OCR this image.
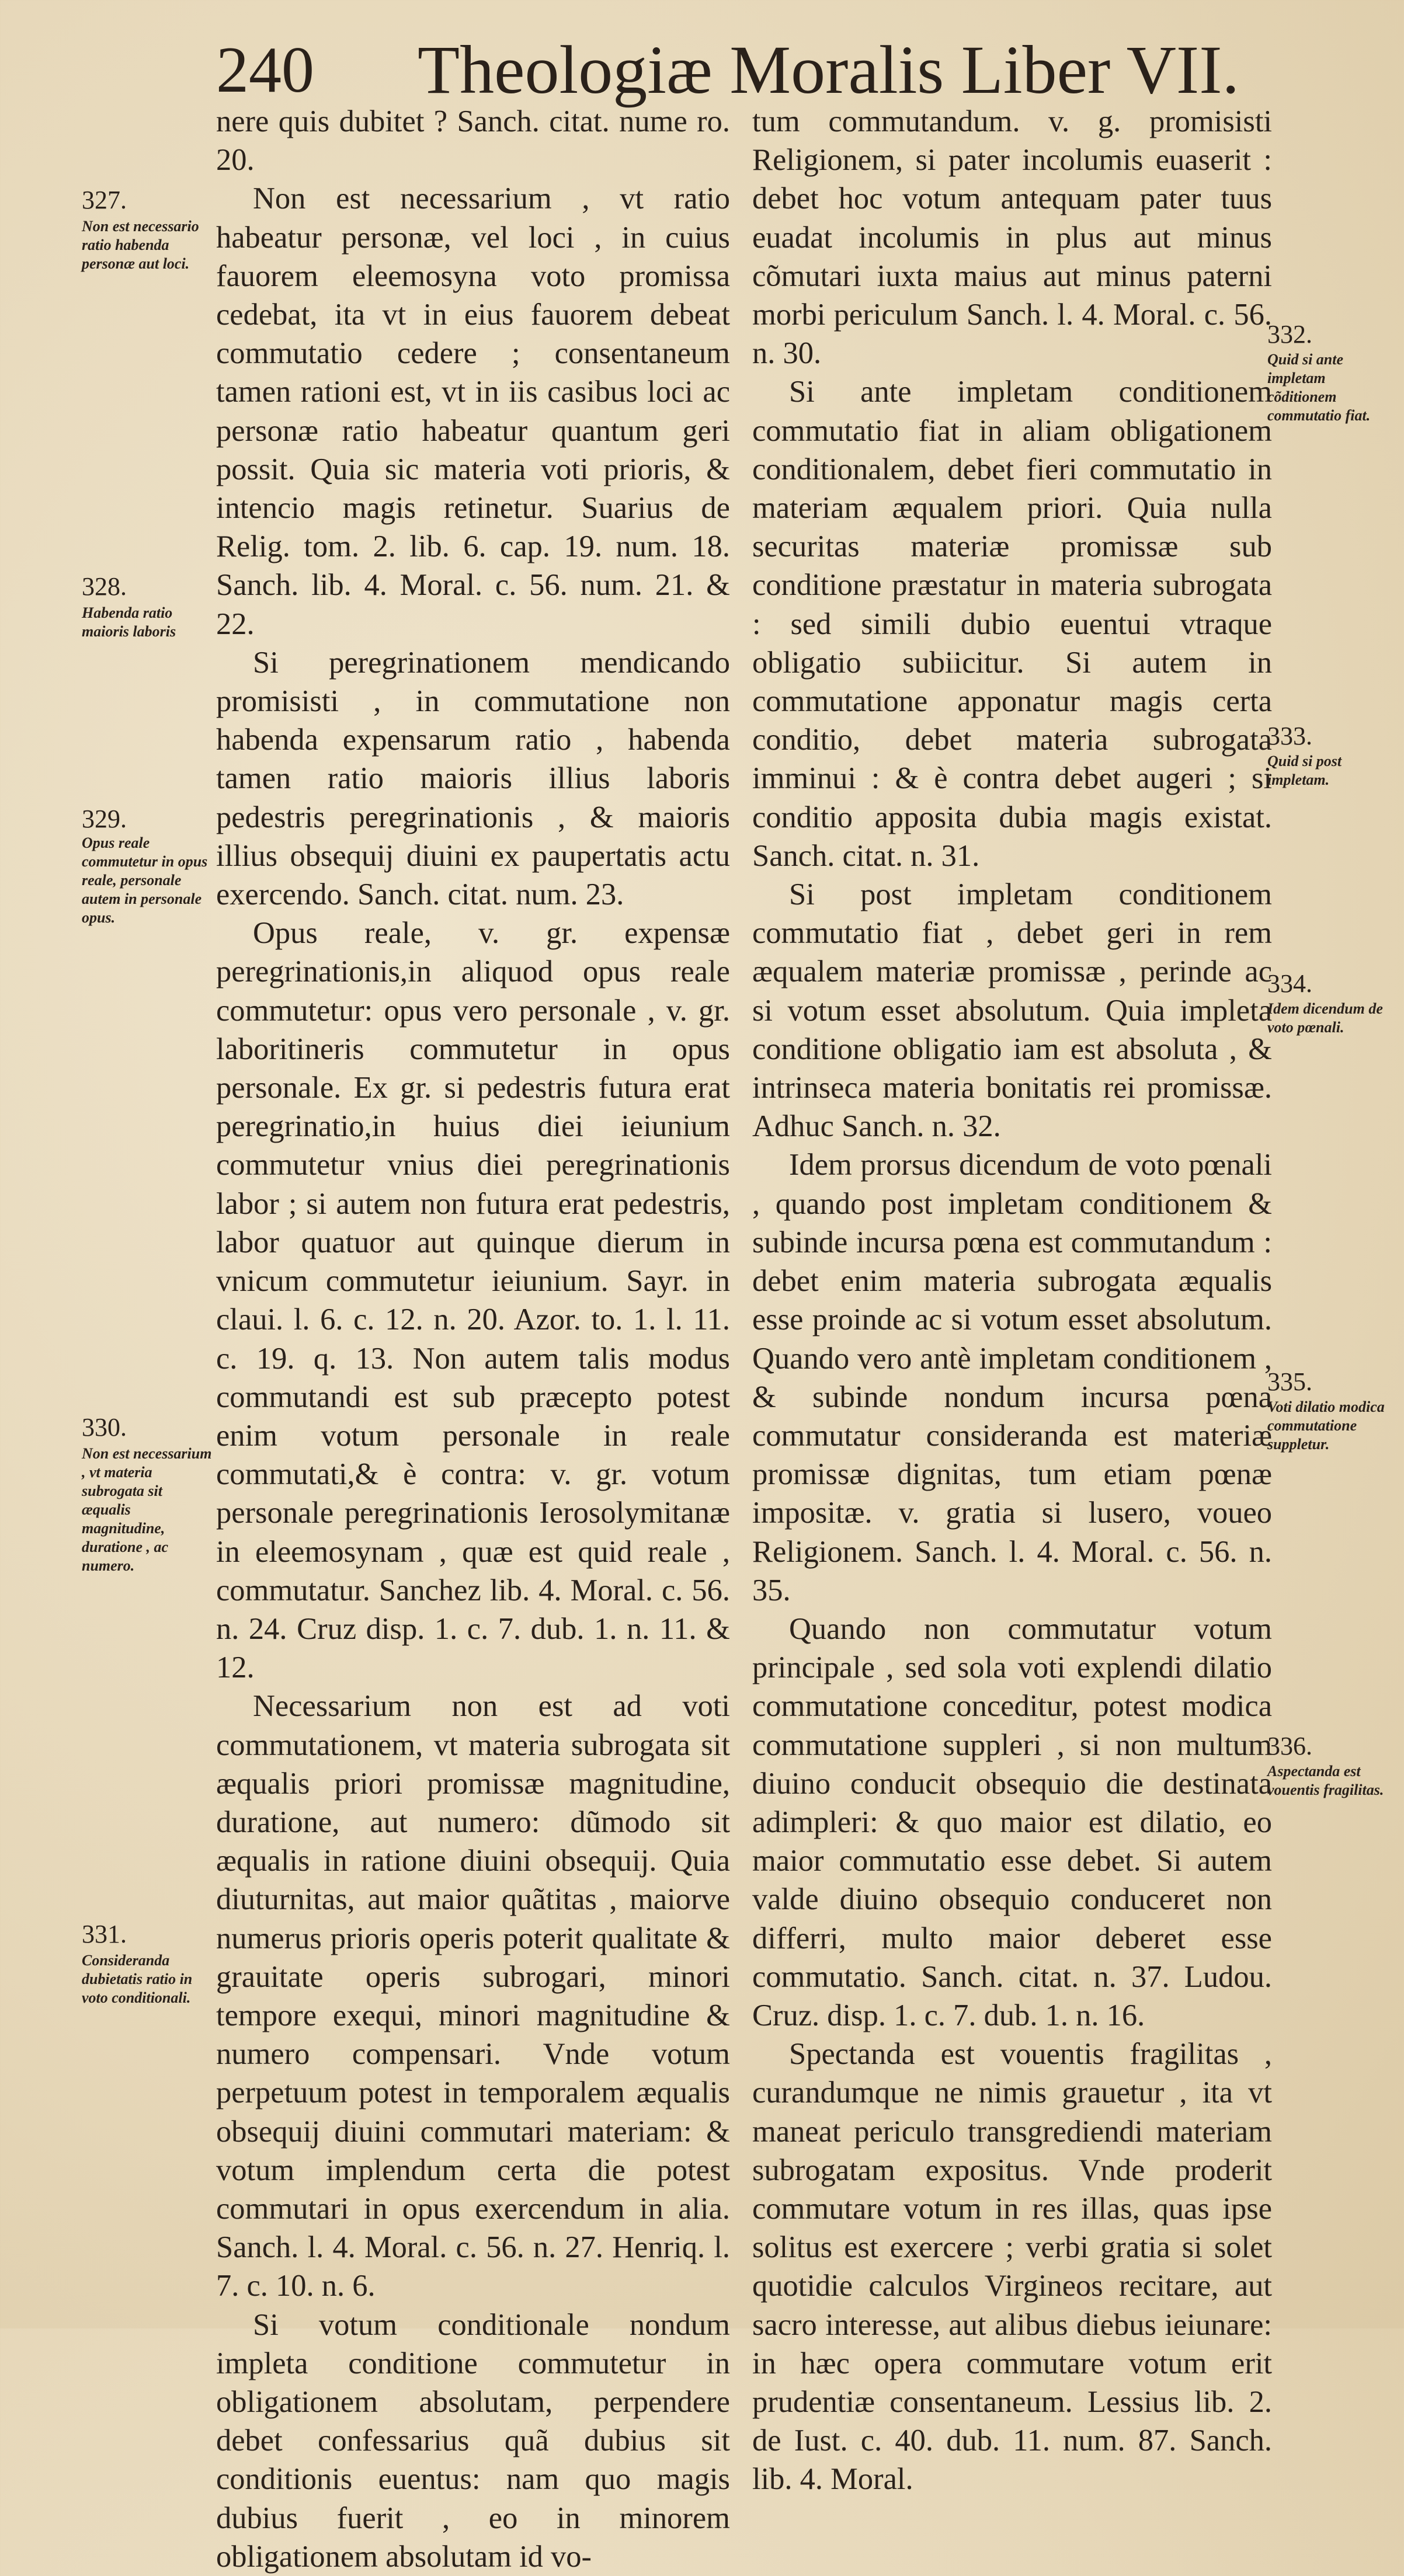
240 Theologiæ Moralis Liber VII.

nere quis dubitet ? Sanch. citat. nume ro. 20.

Non est necessarium , vt ratio habeatur personæ, vel loci , in cuius fauorem eleemosyna voto promissa cedebat, ita vt in eius fauorem debeat commutatio cedere ; consentaneum tamen rationi est, vt in iis casibus loci ac personæ ratio habeatur quantum geri possit. Quia sic materia voti prioris, & intencio magis retinetur. Suarius de Relig. tom. 2. lib. 6. cap. 19. num. 18. Sanch. lib. 4. Moral. c. 56. num. 21. & 22.

Si peregrinationem mendicando promisisti , in commutatione non habenda expensarum ratio , habenda tamen ratio maioris illius laboris pedestris peregrinationis , & maioris illius obsequij diuini ex paupertatis actu exercendo. Sanch. citat. num. 23.

Opus reale, v. gr. expensæ peregrinationis,in aliquod opus reale commutetur: opus vero personale , v. gr. laboritineris commutetur in opus personale. Ex gr. si pedestris futura erat peregrinatio,in huius diei ieiunium commutetur vnius diei peregrinationis labor ; si autem non futura erat pedestris, labor quatuor aut quinque dierum in vnicum commutetur ieiunium. Sayr. in claui. l. 6. c. 12. n. 20. Azor. to. 1. l. 11. c. 19. q. 13. Non autem talis modus commutandi est sub præcepto potest enim votum personale in reale commutati,& è contra: v. gr. votum personale peregrinationis Ierosolymitanæ in eleemosynam , quæ est quid reale , commutatur. Sanchez lib. 4. Moral. c. 56. n. 24. Cruz disp. 1. c. 7. dub. 1. n. 11. & 12.

Necessarium non est ad voti commutationem, vt materia subrogata sit æqualis priori promissæ magnitudine, duratione, aut numero: dũmodo sit æqualis in ratione diuini obsequij. Quia diuturnitas, aut maior quãtitas , maiorve numerus prioris operis poterit qualitate & grauitate operis subrogari, minori tempore exequi, minori magnitudine & numero compensari. Vnde votum perpetuum potest in temporalem æqualis obsequij diuini commutari materiam: & votum implendum certa die potest commutari in opus exercendum in alia. Sanch. l. 4. Moral. c. 56. n. 27. Henriq. l. 7. c. 10. n. 6.

Si votum conditionale nondum impleta conditione commutetur in obligationem absolutam, perpendere debet confessarius quã dubius sit conditionis euentus: nam quo magis dubius fuerit , eo in minorem obligationem absolutam id vo-

tum commutandum. v. g. promisisti Religionem, si pater incolumis euaserit : debet hoc votum antequam pater tuus euadat incolumis in plus aut minus cõmutari iuxta maius aut minus paterni morbi periculum Sanch. l. 4. Moral. c. 56. n. 30.

Si ante impletam conditionem commutatio fiat in aliam obligationem conditionalem, debet fieri commutatio in materiam æqualem priori. Quia nulla securitas materiæ promissæ sub conditione præstatur in materia subrogata : sed simili dubio euentui vtraque obligatio subiicitur. Si autem in commutatione apponatur magis certa conditio, debet materia subrogata imminui : & è contra debet augeri ; si conditio apposita dubia magis existat. Sanch. citat. n. 31.

Si post impletam conditionem commutatio fiat , debet geri in rem æqualem materiæ promissæ , perinde ac si votum esset absolutum. Quia impleta conditione obligatio iam est absoluta , & intrinseca materia bonitatis rei promissæ. Adhuc Sanch. n. 32.

Idem prorsus dicendum de voto pœnali , quando post impletam conditionem & subinde incursa pœna est commutandum : debet enim materia subrogata æqualis esse proinde ac si votum esset absolutum. Quando vero antè impletam conditionem , & subinde nondum incursa pœna commutatur consideranda est materiæ promissæ dignitas, tum etiam pœnæ impositæ. v. gratia si lusero, voueo Religionem. Sanch. l. 4. Moral. c. 56. n. 35.

Quando non commutatur votum principale , sed sola voti explendi dilatio commutatione conceditur, potest modica commutatione suppleri , si non multum diuino conducit obsequio die destinata adimpleri: & quo maior est dilatio, eo maior commutatio esse debet. Si autem valde diuino obsequio conduceret non differri, multo maior deberet esse commutatio. Sanch. citat. n. 37. Ludou. Cruz. disp. 1. c. 7. dub. 1. n. 16.

Spectanda est vouentis fragilitas , curandumque ne nimis grauetur , ita vt maneat periculo transgrediendi materiam subrogatam expositus. Vnde proderit commutare votum in res illas, quas ipse solitus est exercere ; verbi gratia si solet quotidie calculos Virgineos recitare, aut sacro interesse, aut alibus diebus ieiunare: in hæc opera commutare votum erit prudentiæ consentaneum. Lessius lib. 2. de Iust. c. 40. dub. 11. num. 87. Sanch. lib. 4. Moral.

327.
Non est necessario ratio habenda personæ aut loci.
328.
Habenda ratio maioris laboris
329.
Opus reale commutetur in opus reale, personale autem in personale opus.
330.
Non est necessarium , vt materia subrogata sit æqualis magnitudine, duratione , ac numero.
331.
Consideranda dubietatis ratio in voto conditionali.
332.
Quid si ante impletam cõditionem commutatio fiat.
333.
Quid si post impletam.
334.
Idem dicendum de voto pœnali.
335.
Voti dilatio modica commutatione suppletur.
336.
Aspectanda est vouentis fragilitas.
